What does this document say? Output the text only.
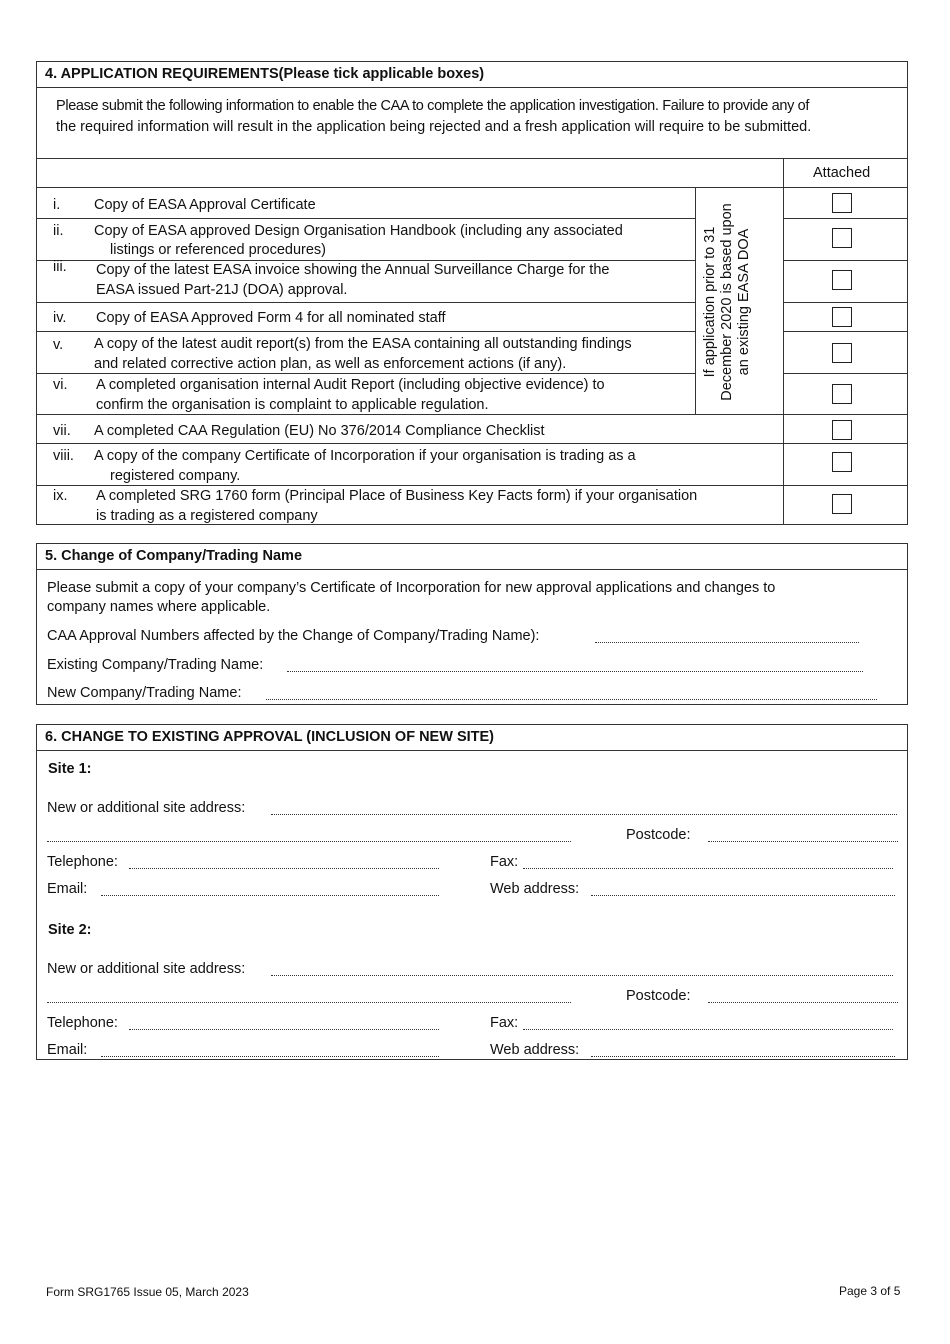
4. APPLICATION REQUIREMENTS(Please tick applicable boxes)
Please submit the following information to enable the CAA to complete the application investigation. Failure to provide any of
the required information will result in the application being rejected and a fresh application will require to be submitted.
Attached
If application prior to 31 December 2020 is based upon an existing EASA DOA
i. Copy of EASA Approval Certificate
ii. Copy of EASA approved Design Organisation Handbook (including any associated
listings or referenced procedures)
iii. Copy of the latest EASA invoice showing the Annual Surveillance Charge for the
EASA issued Part-21J (DOA) approval.
iv. Copy of EASA Approved Form 4 for all nominated staff
v. A copy of the latest audit report(s) from the EASA containing all outstanding findings
and related corrective action plan, as well as enforcement actions (if any).
vi. A completed organisation internal Audit Report (including objective evidence) to
confirm the organisation is complaint to applicable regulation.
vii. A completed CAA Regulation (EU) No 376/2014 Compliance Checklist
viii. A copy of the company Certificate of Incorporation if your organisation is trading as a
registered company.
ix. A completed SRG 1760 form (Principal Place of Business Key Facts form) if your organisation
is trading as a registered company
5. Change of Company/Trading Name
Please submit a copy of your company’s Certificate of Incorporation for new approval applications and changes to
company names where applicable.
CAA Approval Numbers affected by the Change of Company/Trading Name):
Existing Company/Trading Name:
New Company/Trading Name:
6. CHANGE TO EXISTING APPROVAL (INCLUSION OF NEW SITE)
Site 1:
New or additional site address:
Postcode:
Telephone:	Fax:
Email:	Web address:
Site 2:
New or additional site address:
Postcode:
Telephone:	Fax:
Email:	Web address:
Form SRG1765 Issue 05, March 2023	Page 3 of 5
